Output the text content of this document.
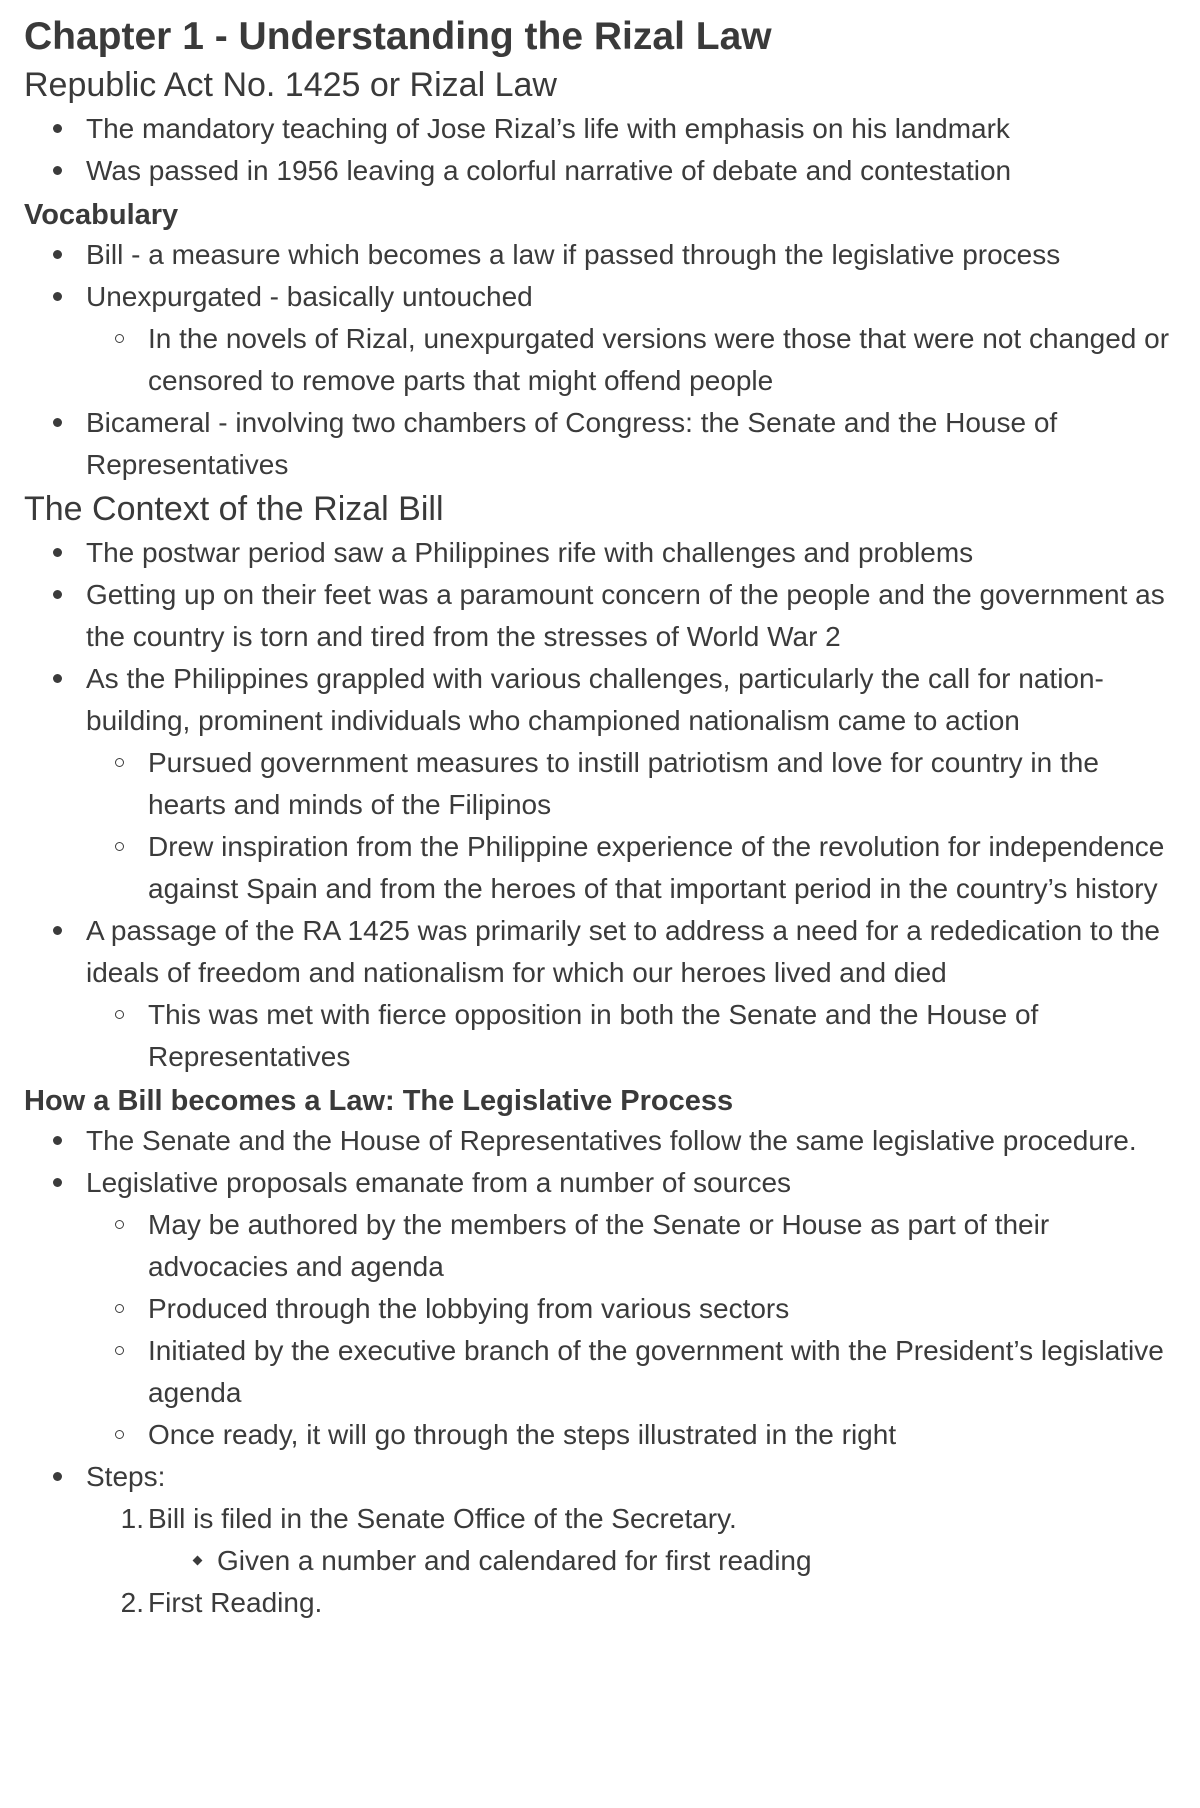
Chapter 1 - Understanding the Rizal Law
Republic Act No. 1425 or Rizal Law
The mandatory teaching of Jose Rizal’s life with emphasis on his landmark
Was passed in 1956 leaving a colorful narrative of debate and contestation
Vocabulary
Bill - a measure which becomes a law if passed through the legislative process
Unexpurgated - basically untouched
In the novels of Rizal, unexpurgated versions were those that were not changed or censored to remove parts that might offend people
Bicameral - involving two chambers of Congress: the Senate and the House of Representatives
The Context of the Rizal Bill
The postwar period saw a Philippines rife with challenges and problems
Getting up on their feet was a paramount concern of the people and the government as the country is torn and tired from the stresses of World War 2
As the Philippines grappled with various challenges, particularly the call for nation-building, prominent individuals who championed nationalism came to action
Pursued government measures to instill patriotism and love for country in the hearts and minds of the Filipinos
Drew inspiration from the Philippine experience of the revolution for independence against Spain and from the heroes of that important period in the country’s history
A passage of the RA 1425 was primarily set to address a need for a rededication to the ideals of freedom and nationalism for which our heroes lived and died
This was met with fierce opposition in both the Senate and the House of Representatives
How a Bill becomes a Law: The Legislative Process
The Senate and the House of Representatives follow the same legislative procedure.
Legislative proposals emanate from a number of sources
May be authored by the members of the Senate or House as part of their advocacies and agenda
Produced through the lobbying from various sectors
Initiated by the executive branch of the government with the President’s legislative agenda
Once ready, it will go through the steps illustrated in the right
Steps:
1. Bill is filed in the Senate Office of the Secretary.
Given a number and calendared for first reading
2. First Reading.
